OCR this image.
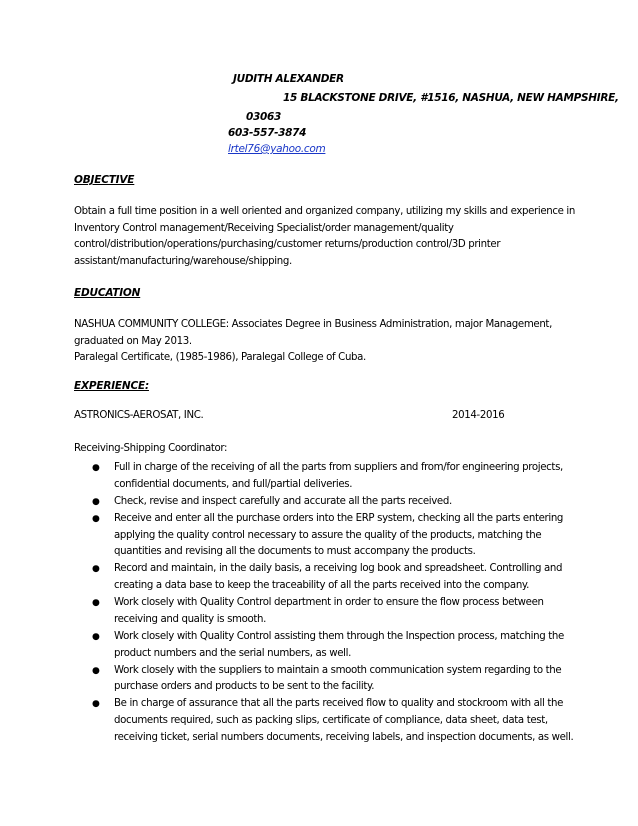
JUDITH ALEXANDER
15 BLACKSTONE DRIVE, #1516, NASHUA, NEW HAMPSHIRE,
03063
603-557-3874
lrtel76@yahoo.com
OBJECTIVE
Obtain a full time position in a well oriented and organized company, utilizing my skills and experience in
Inventory Control management/Receiving Specialist/order management/quality
control/distribution/operations/purchasing/customer returns/production control/3D printer
assistant/manufacturing/warehouse/shipping.
EDUCATION
NASHUA COMMUNITY COLLEGE: Associates Degree in Business Administration, major Management,
graduated on May 2013.
Paralegal Certificate, (1985-1986), Paralegal College of Cuba.
EXPERIENCE:
ASTRONICS-AEROSAT, INC.	2014-2016
Receiving-Shipping Coordinator:
● Full in charge of the receiving of all the parts from suppliers and from/for engineering projects,
confidential documents, and full/partial deliveries.
● Check, revise and inspect carefully and accurate all the parts received.
● Receive and enter all the purchase orders into the ERP system, checking all the parts entering
applying the quality control necessary to assure the quality of the products, matching the
quantities and revising all the documents to must accompany the products.
● Record and maintain, in the daily basis, a receiving log book and spreadsheet. Controlling and
creating a data base to keep the traceability of all the parts received into the company.
● Work closely with Quality Control department in order to ensure the flow process between
receiving and quality is smooth.
● Work closely with Quality Control assisting them through the Inspection process, matching the
product numbers and the serial numbers, as well.
● Work closely with the suppliers to maintain a smooth communication system regarding to the
purchase orders and products to be sent to the facility.
● Be in charge of assurance that all the parts received flow to quality and stockroom with all the
documents required, such as packing slips, certificate of compliance, data sheet, data test,
receiving ticket, serial numbers documents, receiving labels, and inspection documents, as well.
